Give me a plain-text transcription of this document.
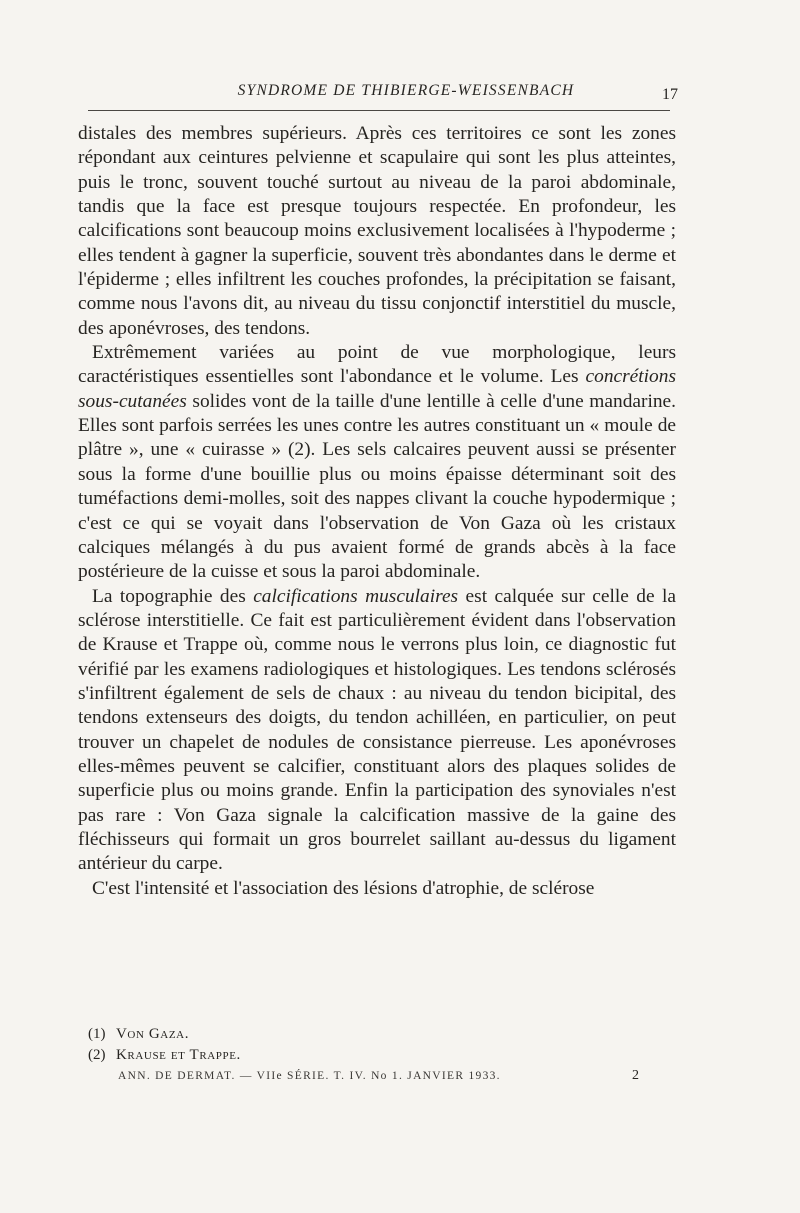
SYNDROME DE THIBIERGE-WEISSENBACH	17

distales des membres supérieurs. Après ces territoires ce sont les zones répondant aux ceintures pelvienne et scapulaire qui sont les plus atteintes, puis le tronc, souvent touché surtout au niveau de la paroi abdominale, tandis que la face est presque toujours respectée. En profondeur, les calcifications sont beaucoup moins exclusivement localisées à l'hypoderme ; elles tendent à gagner la superficie, souvent très abondantes dans le derme et l'épiderme ; elles infiltrent les couches profondes, la précipitation se faisant, comme nous l'avons dit, au niveau du tissu conjonctif interstitiel du muscle, des aponévroses, des tendons.

Extrêmement variées au point de vue morphologique, leurs caractéristiques essentielles sont l'abondance et le volume. Les concrétions sous-cutanées solides vont de la taille d'une lentille à celle d'une mandarine. Elles sont parfois serrées les unes contre les autres constituant un « moule de plâtre », une « cuirasse » (2). Les sels calcaires peuvent aussi se présenter sous la forme d'une bouillie plus ou moins épaisse déterminant soit des tuméfactions demi-molles, soit des nappes clivant la couche hypodermique ; c'est ce qui se voyait dans l'observation de Von Gaza où les cristaux calciques mélangés à du pus avaient formé de grands abcès à la face postérieure de la cuisse et sous la paroi abdominale.

La topographie des calcifications musculaires est calquée sur celle de la sclérose interstitielle. Ce fait est particulièrement évident dans l'observation de Krause et Trappe où, comme nous le verrons plus loin, ce diagnostic fut vérifié par les examens radiologiques et histologiques. Les tendons sclérosés s'infiltrent également de sels de chaux : au niveau du tendon bicipital, des tendons extenseurs des doigts, du tendon achilléen, en particulier, on peut trouver un chapelet de nodules de consistance pierreuse. Les aponévroses elles-mêmes peuvent se calcifier, constituant alors des plaques solides de superficie plus ou moins grande. Enfin la participation des synoviales n'est pas rare : Von Gaza signale la calcification massive de la gaine des fléchisseurs qui formait un gros bourrelet saillant au-dessus du ligament antérieur du carpe.

C'est l'intensité et l'association des lésions d'atrophie, de sclérose

(1) Von Gaza.
(2) Krause et Trappe.
ANN. DE DERMAT. — VIIe SÉRIE. T. IV. No 1. JANVIER 1933.	2
